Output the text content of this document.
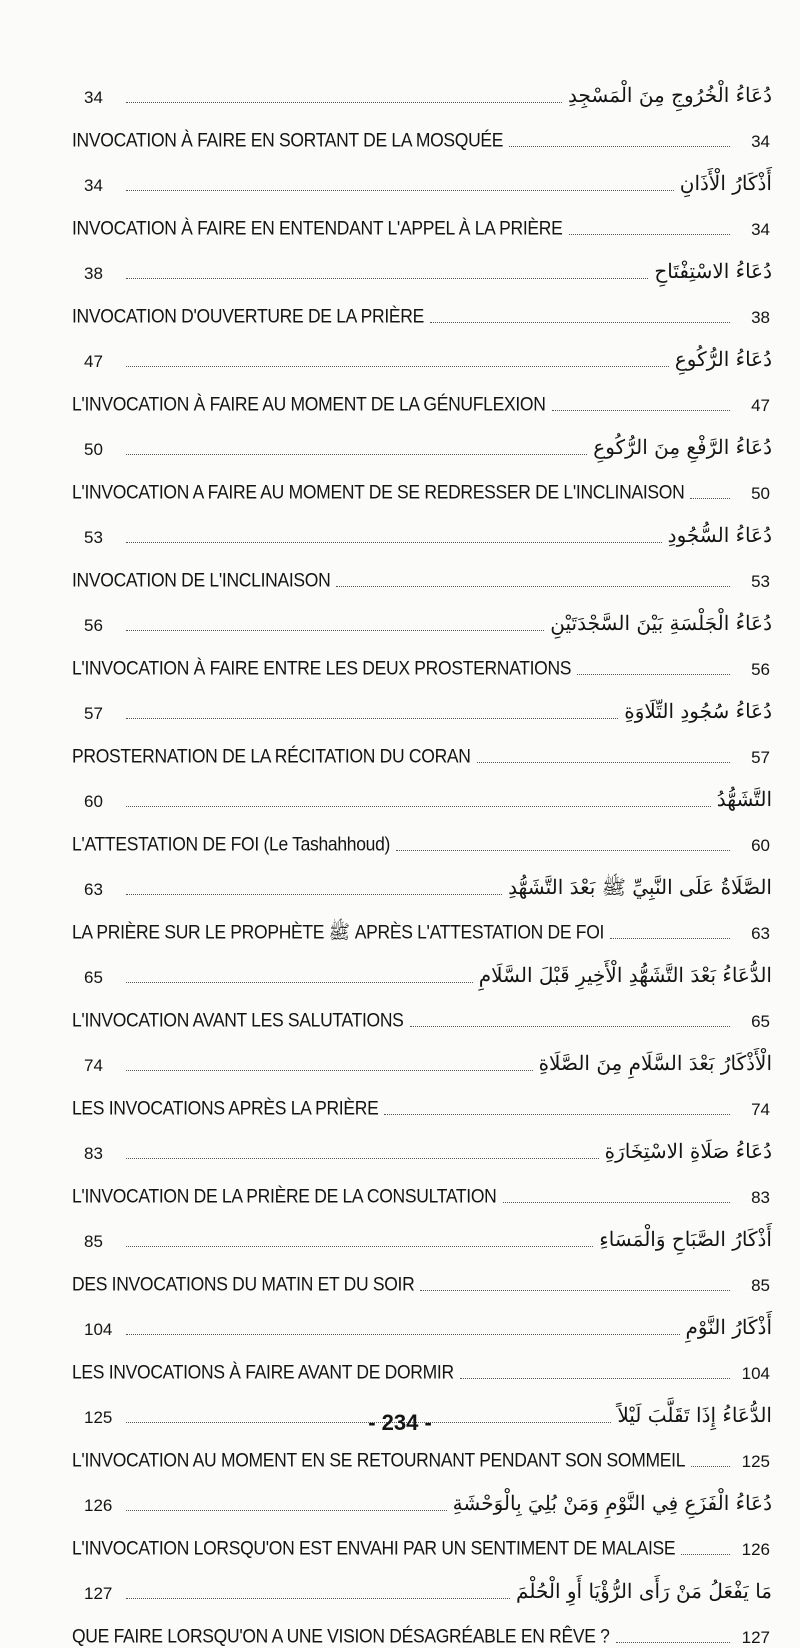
34	دُعَاءُ الْخُرُوجِ مِنَ الْمَسْجِدِ
INVOCATION À FAIRE EN SORTANT DE LA MOSQUÉE	34
34	أَذْكَارُ الْأَذَانِ
INVOCATION À FAIRE EN ENTENDANT L'APPEL À LA PRIÈRE	34
38	دُعَاءُ الاسْتِفْتَاحِ
INVOCATION D'OUVERTURE DE LA PRIÈRE	38
47	دُعَاءُ الرُّكُوعِ
L'INVOCATION À FAIRE AU MOMENT DE LA GÉNUFLEXION	47
50	دُعَاءُ الرَّفْعِ مِنَ الرُّكُوعِ
L'INVOCATION A FAIRE AU MOMENT DE SE REDRESSER DE L'INCLINAISON	50
53	دُعَاءُ السُّجُودِ
INVOCATION DE L'INCLINAISON	53
56	دُعَاءُ الْجَلْسَةِ بَيْنَ السَّجْدَتَيْنِ
L'INVOCATION À FAIRE ENTRE LES DEUX PROSTERNATIONS	56
57	دُعَاءُ سُجُودِ التِّلَاوَةِ
PROSTERNATION DE LA RÉCITATION DU CORAN	57
60	التَّشَهُّدُ
L'ATTESTATION DE FOI (Le Tashahhoud)	60
63	الصَّلَاةُ عَلَى النَّبِيِّ ﷺ بَعْدَ التَّشَهُّدِ
LA PRIÈRE SUR LE PROPHÈTE ﷺ APRÈS L'ATTESTATION DE FOI	63
65	الدُّعَاءُ بَعْدَ التَّشَهُّدِ الْأَخِيرِ قَبْلَ السَّلَامِ
L'INVOCATION AVANT LES SALUTATIONS	65
74	الْأَذْكَارُ بَعْدَ السَّلَامِ مِنَ الصَّلَاةِ
LES INVOCATIONS APRÈS LA PRIÈRE	74
83	دُعَاءُ صَلَاةِ الاسْتِخَارَةِ
L'INVOCATION DE LA PRIÈRE DE LA CONSULTATION	83
85	أَذْكَارُ الصَّبَاحِ وَالْمَسَاءِ
DES INVOCATIONS DU MATIN ET DU SOIR	85
104	أَذْكَارُ النَّوْمِ
LES INVOCATIONS À FAIRE AVANT DE DORMIR	104
125	الدُّعَاءُ إِذَا تَقَلَّبَ لَيْلاً
L'INVOCATION AU MOMENT EN SE RETOURNANT PENDANT SON SOMMEIL	125
126	دُعَاءُ الْفَزَعِ فِي النَّوْمِ وَمَنْ بُلِيَ بِالْوَحْشَةِ
L'INVOCATION LORSQU'ON EST ENVAHI PAR UN SENTIMENT DE MALAISE	126
127	مَا يَفْعَلُ مَنْ رَأَى الرُّؤْيَا أَوِ الْحُلْمَ
QUE FAIRE LORSQU'ON A UNE VISION DÉSAGRÉABLE EN RÊVE ?	127
- 234 -
